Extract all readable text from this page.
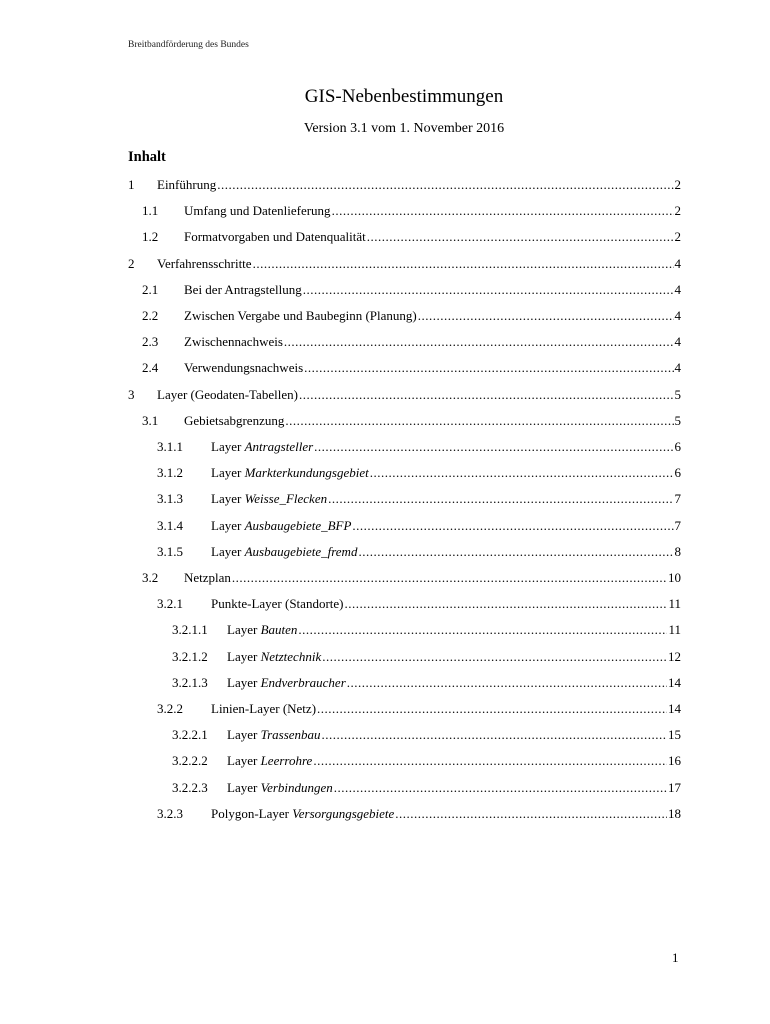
Breitbandförderung des Bundes
GIS-Nebenbestimmungen
Version 3.1 vom 1. November 2016
Inhalt
1	Einführung .....	2
1.1	Umfang und Datenlieferung .....	2
1.2	Formatvorgaben und Datenqualität .....	2
2	Verfahrensschritte .....	4
2.1	Bei der Antragstellung .....	4
2.2	Zwischen Vergabe und Baubeginn (Planung) .....	4
2.3	Zwischennachweis .....	4
2.4	Verwendungsnachweis .....	4
3	Layer (Geodaten-Tabellen) .....	5
3.1	Gebietsabgrenzung .....	5
3.1.1	Layer Antragsteller .....	6
3.1.2	Layer Markterkundungsgebiet .....	6
3.1.3	Layer Weisse_Flecken .....	7
3.1.4	Layer Ausbaugebiete_BFP .....	7
3.1.5	Layer Ausbaugebiete_fremd .....	8
3.2	Netzplan .....	10
3.2.1	Punkte-Layer (Standorte) .....	11
3.2.1.1	Layer Bauten .....	11
3.2.1.2	Layer Netztechnik .....	12
3.2.1.3	Layer Endverbraucher .....	14
3.2.2	Linien-Layer (Netz) .....	14
3.2.2.1	Layer Trassenbau .....	15
3.2.2.2	Layer Leerrohre .....	16
3.2.2.3	Layer Verbindungen .....	17
3.2.3	Polygon-Layer Versorgungsgebiete .....	18
1
